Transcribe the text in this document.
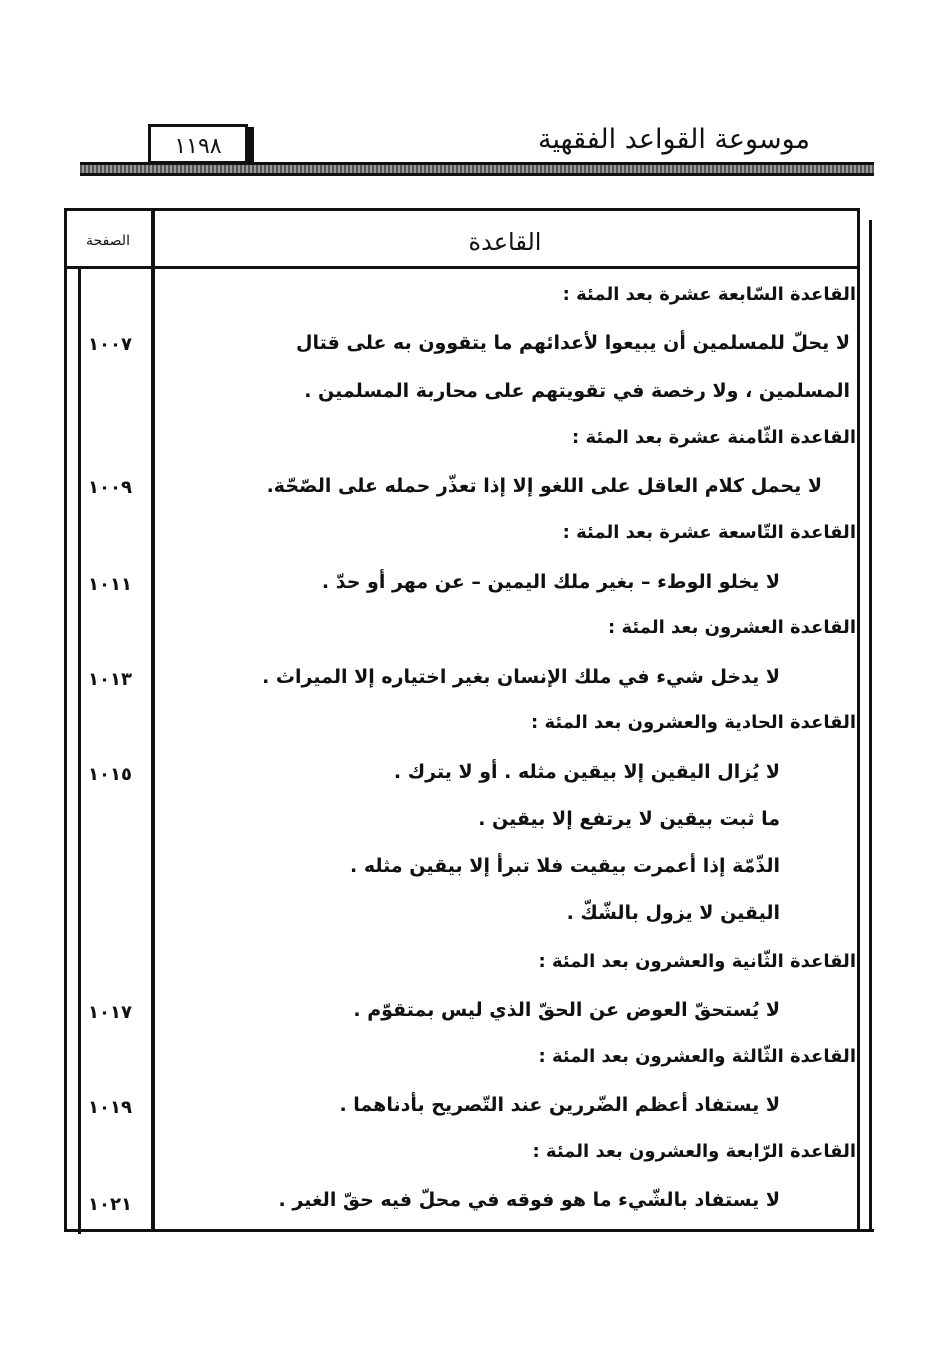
موسوعة القواعد الفقهية
١١٩٨
الصفحة	القاعدة
القاعدة السّابعة عشرة بعد المئة :
لا يحلّ للمسلمين أن يبيعوا لأعدائهم ما يتقوون به على قتال
١٠٠٧
المسلمين ، ولا رخصة في تقويتهم على محاربة المسلمين .
القاعدة الثّامنة عشرة بعد المئة :
لا يحمل كلام العاقل على اللغو إلا إذا تعذّر حمله على الصّحّة.
١٠٠٩
القاعدة التّاسعة عشرة بعد المئة :
لا يخلو الوطء – بغير ملك اليمين – عن مهر أو حدّ .
١٠١١
القاعدة العشرون بعد المئة :
لا يدخل شيء في ملك الإنسان بغير اختياره إلا الميراث .
١٠١٣
القاعدة الحادية والعشرون بعد المئة :
لا يُزال اليقين إلا بيقين مثله . أو لا يترك .
١٠١٥
ما ثبت بيقين لا يرتفع إلا بيقين .
الذّمّة إذا أعمرت بيقيت فلا تبرأ إلا بيقين مثله .
اليقين لا يزول بالشّكّ .
القاعدة الثّانية والعشرون بعد المئة :
لا يُستحقّ العوض عن الحقّ الذي ليس بمتقوّم .
١٠١٧
القاعدة الثّالثة والعشرون بعد المئة :
لا يستفاد أعظم الضّررين عند التّصريح بأدناهما .
١٠١٩
القاعدة الرّابعة والعشرون بعد المئة :
لا يستفاد بالشّيء ما هو فوقه في محلّ فيه حقّ الغير .
١٠٢١
